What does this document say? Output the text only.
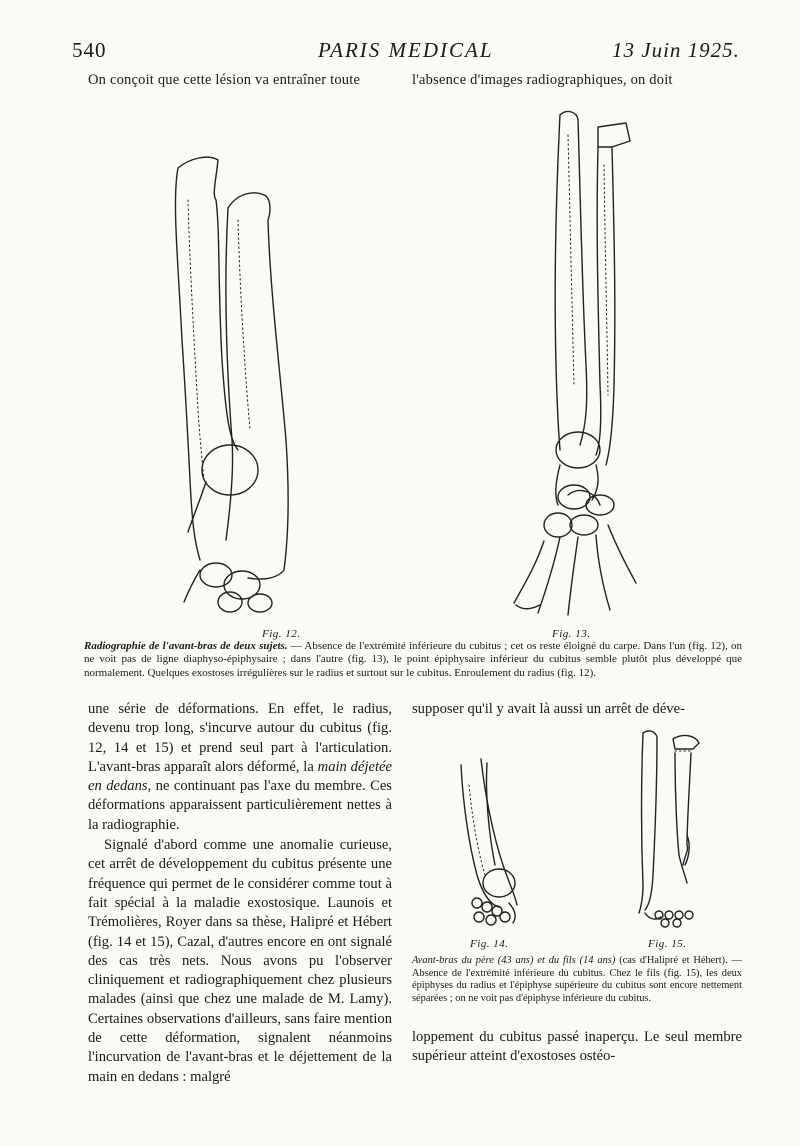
540	PARIS MEDICAL	13 Juin 1925.
On conçoit que cette lésion va entraîner toute	l'absence d'images radiographiques, on doit
Fig. 12.	Fig. 13.

Radiographie de l'avant-bras de deux sujets. — Absence de l'extrémité inférieure du cubitus ; cet os reste éloigné du carpe. Dans l'un (fig. 12), on ne voit pas de ligne diaphyso-épiphysaire ; dans l'autre (fig. 13), le point épiphysaire inférieur du cubitus semble plutôt plus développé que normalement. Quelques exostoses irrégulières sur le radius et surtout sur le cubitus. Enroulement du radius (fig. 12).

une série de déformations. En effet, le radius, devenu trop long, s'incurve autour du cubitus (fig. 12, 14 et 15) et prend seul part à l'articulation. L'avant-bras apparaît alors déformé, la main déjetée en dedans, ne continuant pas l'axe du membre. Ces déformations apparaissent particulièrement nettes à la radiographie.

Signalé d'abord comme une anomalie curieuse, cet arrêt de développement du cubitus présente une fréquence qui permet de le considérer comme tout à fait spécial à la maladie exostosique. Launois et Trémolières, Royer dans sa thèse, Halipré et Hébert (fig. 14 et 15), Cazal, d'autres encore en ont signalé des cas très nets. Nous avons pu l'observer cliniquement et radiographiquement chez plusieurs malades (ainsi que chez une malade de M. Lamy). Certaines observations d'ailleurs, sans faire mention de cette déformation, signalent néanmoins l'incurvation de l'avant-bras et le déjettement de la main en dedans : malgré

supposer qu'il y avait là aussi un arrêt de déve-

Fig. 14.	Fig. 15.

Avant-bras du père (43 ans) et du fils (14 ans) (cas d'Halipré et Hébert). — Absence de l'extrémité inférieure du cubitus. Chez le fils (fig. 15), les deux épiphyses du radius et l'épiphyse supérieure du cubitus sont encore nettement séparées ; on ne voit pas d'épiphyse inférieure du cubitus.

loppement du cubitus passé inaperçu. Le seul membre supérieur atteint d'exostoses ostéo-
